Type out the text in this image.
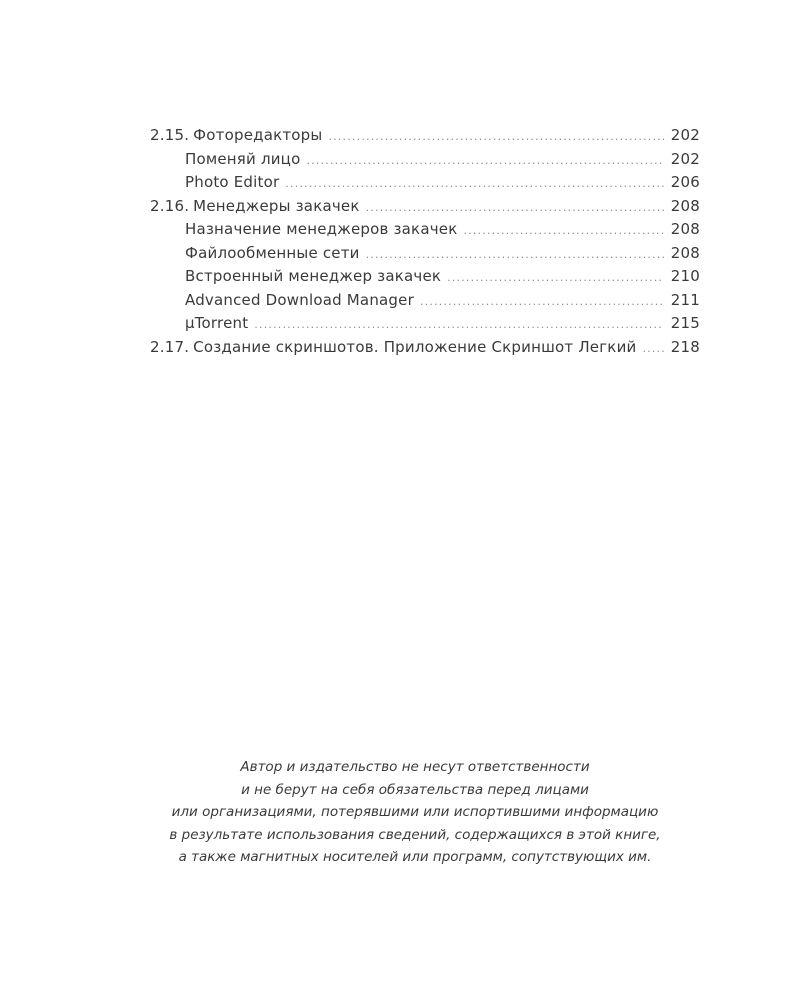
2.15. Фоторедакторы .....	202
Поменяй лицо .....	202
Photo Editor .....	206
2.16. Менеджеры закачек .....	208
Назначение менеджеров закачек .....	208
Файлообменные сети .....	208
Встроенный менеджер закачек .....	210
Advanced Download Manager .....	211
µTorrent .....	215
2.17. Создание скриншотов. Приложение Скриншот Легкий ..... 218
Автор и издательство не несут ответственности
и не берут на себя обязательства перед лицами
или организациями, потерявшими или испортившими информацию
в результате использования сведений, содержащихся в этой книге,
а также магнитных носителей или программ, сопутствующих им.
